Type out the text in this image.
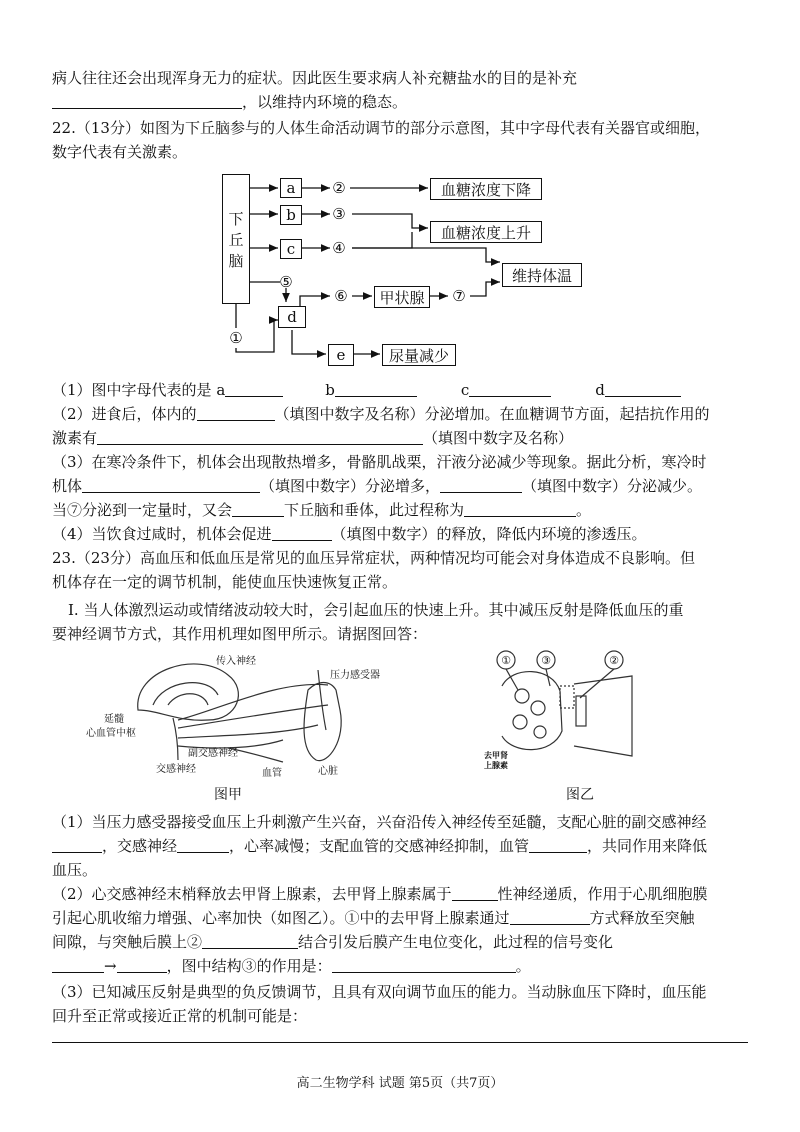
病人往往还会出现浑身无力的症状。因此医生要求病人补充糖盐水的目的是补充
，以维持内环境的稳态。
22.（13分）如图为下丘脑参与的人体生命活动调节的部分示意图，其中字母代表有关器官或细胞，
数字代表有关激素。
②
③
④
⑤
①
⑥	⑦
下
丘
脑
a
b
c
d
e
血糖浓度下降
血糖浓度上升
维持体温
甲状腺
尿量减少
（1）图中字母代表的是 a	b	c	d
（2）进食后，体内的	（填图中数字及名称）分泌增加。在血糖调节方面，起拮抗作用的
激素有	（填图中数字及名称）
（3）在寒冷条件下，机体会出现散热增多，骨骼肌战栗，汗液分泌减少等现象。据此分析，寒冷时
机体	（填图中数字）分泌增多，	（填图中数字）分泌减少。
当⑦分泌到一定量时，又会	下丘脑和垂体，此过程称为	。
（4）当饮食过咸时，机体会促进	（填图中数字）的释放，降低内环境的渗透压。
23.（23分）高血压和低血压是常见的血压异常症状，两种情况均可能会对身体造成不良影响。但
机体存在一定的调节机制，能使血压快速恢复正常。
I. 当人体激烈运动或情绪波动较大时，会引起血压的快速上升。其中减压反射是降低血压的重
要神经调节方式，其作用机理如图甲所示。请据图回答：
传入神经
压力感受器
延髓
心血管中枢
副交感神经
交感神经	血管	心脏
图甲
①	③	②
去甲肾
上腺素
图乙
（1）当压力感受器接受血压上升刺激产生兴奋，兴奋沿传入神经传至延髓，支配心脏的副交感神经
，交感神经	，心率减慢；支配血管的交感神经抑制，血管	，共同作用来降低
血压。
（2）心交感神经末梢释放去甲肾上腺素，去甲肾上腺素属于	性神经递质，作用于心肌细胞膜
引起心肌收缩力增强、心率加快（如图乙）。①中的去甲肾上腺素通过	方式释放至突触
间隙，与突触后膜上②	结合引发后膜产生电位变化，此过程的信号变化
→	，图中结构③的作用是：	。
（3）已知减压反射是典型的负反馈调节，且具有双向调节血压的能力。当动脉血压下降时，血压能
回升至正常或接近正常的机制可能是：
高二生物学科 试题 第5页（共7页）
